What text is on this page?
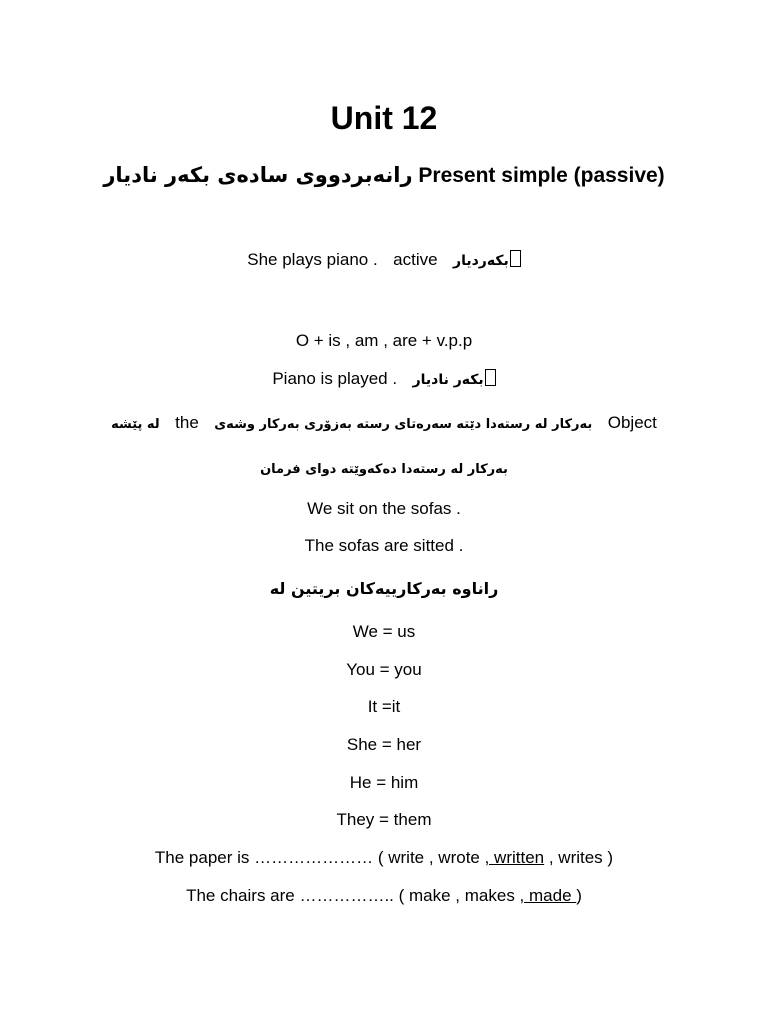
Unit 12
رانەبردووی سادەی بکەر نادیار Present simple (passive)
She plays piano . active بکەردیار
O + is , am , are + v.p.p
Piano is played . بکەر نادیار
لە پێشە the بەرکار لە رستەدا دێتە سەرەتای رستە بەزۆری بەرکار وشەی Object
بەرکار لە رستەدا دەکەوێتە دوای فرمان
We sit on the sofas .
The sofas are sitted .
راناوە بەرکارییەکان بریتین لە
We = us
You = you
It =it
She = her
He = him
They = them
The paper is ………………… ( write , wrote , written , writes )
The chairs are …………….. ( make , makes , made )
